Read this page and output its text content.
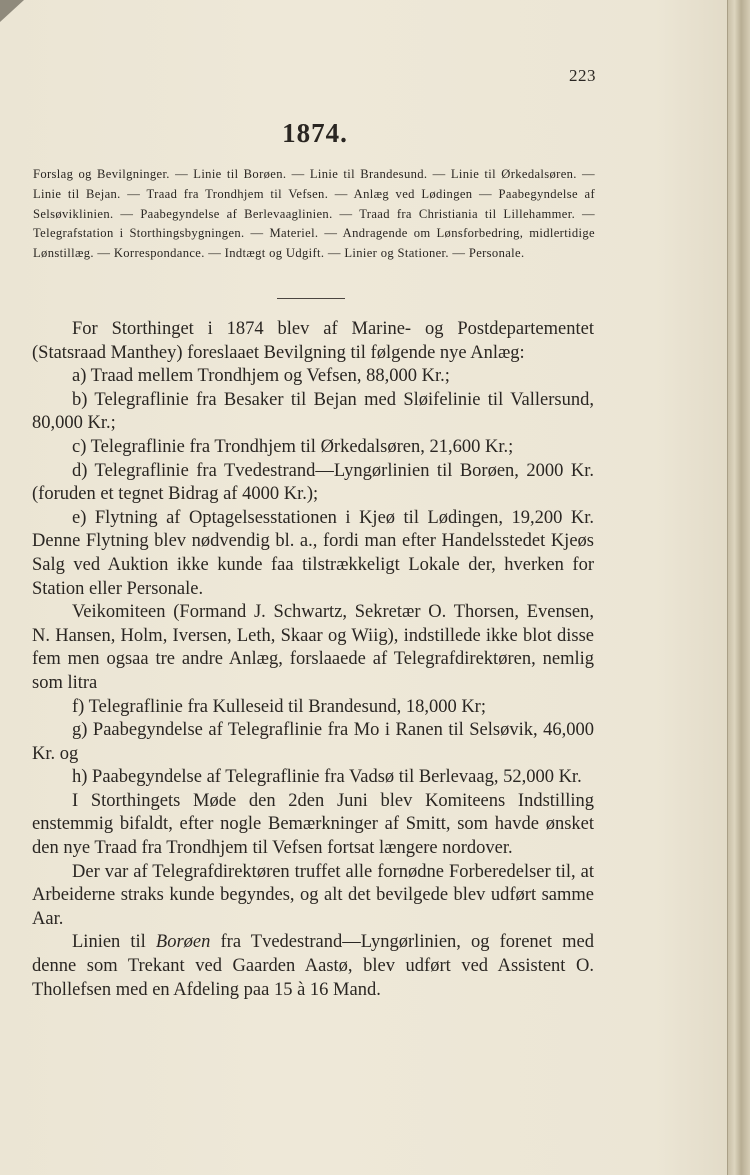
223
1874.
Forslag og Bevilgninger. — Linie til Borøen. — Linie til Brandesund. — Linie til Ørkedalsøren. — Linie til Bejan. — Traad fra Trondhjem til Vefsen. — Anlæg ved Lødingen — Paabegyndelse af Selsøviklinien. — Paabegyndelse af Berlevaaglinien. — Traad fra Christiania til Lillehammer. — Telegrafstation i Storthingsbygningen. — Materiel. — Andragende om Lønsforbedring, midlertidige Lønstillæg. — Korrespondance. — Indtægt og Udgift. — Linier og Stationer. — Personale.

For Storthinget i 1874 blev af Marine- og Postdepartementet (Statsraad Manthey) foreslaaet Bevilgning til følgende nye Anlæg:

a) Traad mellem Trondhjem og Vefsen, 88,000 Kr.;

b) Telegraflinie fra Besaker til Bejan med Sløifelinie til Vallersund, 80,000 Kr.;

c) Telegraflinie fra Trondhjem til Ørkedalsøren, 21,600 Kr.;

d) Telegraflinie fra Tvedestrand—Lyngørlinien til Borøen, 2000 Kr. (foruden et tegnet Bidrag af 4000 Kr.);

e) Flytning af Optagelsesstationen i Kjeø til Lødingen, 19,200 Kr. Denne Flytning blev nødvendig bl. a., fordi man efter Handelsstedet Kjeøs Salg ved Auktion ikke kunde faa tilstrækkeligt Lokale der, hverken for Station eller Personale.

Veikomiteen (Formand J. Schwartz, Sekretær O. Thorsen, Evensen, N. Hansen, Holm, Iversen, Leth, Skaar og Wiig), indstillede ikke blot disse fem men ogsaa tre andre Anlæg, forslaaede af Telegrafdirektøren, nemlig som litra

f) Telegraflinie fra Kulleseid til Brandesund, 18,000 Kr;

g) Paabegyndelse af Telegraflinie fra Mo i Ranen til Selsøvik, 46,000 Kr. og

h) Paabegyndelse af Telegraflinie fra Vadsø til Berlevaag, 52,000 Kr.

I Storthingets Møde den 2den Juni blev Komiteens Indstilling enstemmig bifaldt, efter nogle Bemærkninger af Smitt, som havde ønsket den nye Traad fra Trondhjem til Vefsen fortsat længere nordover.

Der var af Telegrafdirektøren truffet alle fornødne Forberedelser til, at Arbeiderne straks kunde begyndes, og alt det bevilgede blev udført samme Aar.

Linien til Borøen fra Tvedestrand—Lyngørlinien, og forenet med denne som Trekant ved Gaarden Aastø, blev udført ved Assistent O. Thollefsen med en Afdeling paa 15 à 16 Mand.
